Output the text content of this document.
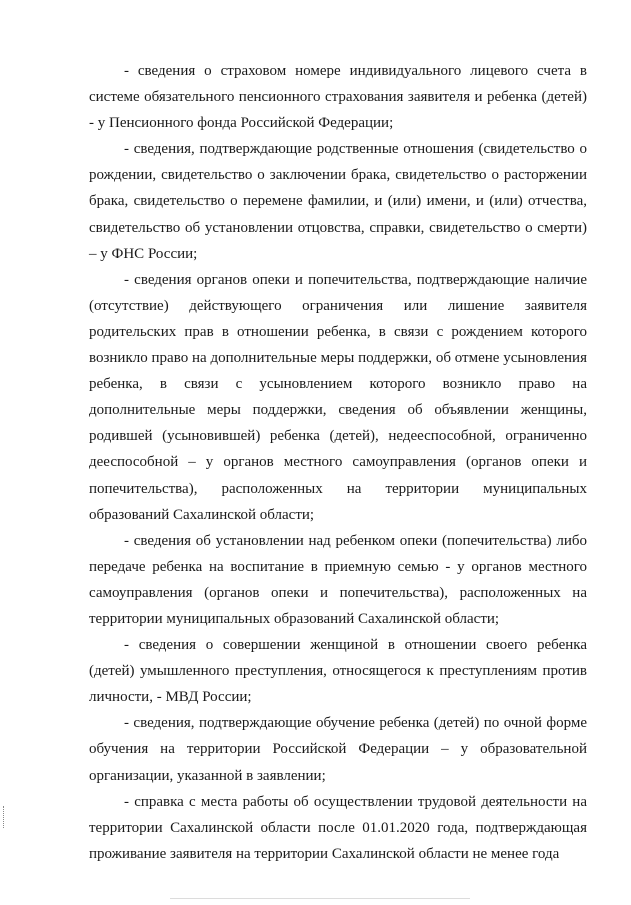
- сведения о страховом номере индивидуального лицевого счета в системе обязательного пенсионного страхования заявителя и ребенка (детей) - у Пенсионного фонда Российской Федерации;

- сведения, подтверждающие родственные отношения (свидетельство о рождении, свидетельство о заключении брака, свидетельство о расторжении брака, свидетельство о перемене фамилии, и (или) имени, и (или) отчества, свидетельство об установлении отцовства, справки, свидетельство о смерти) – у ФНС России;

- сведения органов опеки и попечительства, подтверждающие наличие (отсутствие) действующего ограничения или лишение заявителя родительских прав в отношении ребенка, в связи с рождением которого возникло право на дополнительные меры поддержки, об отмене усыновления ребенка, в связи с усыновлением которого возникло право на дополнительные меры поддержки, сведения об объявлении женщины, родившей (усыновившей) ребенка (детей), недееспособной, ограниченно дееспособной – у органов местного самоуправления (органов опеки и попечительства), расположенных на территории муниципальных образований Сахалинской области;

- сведения об установлении над ребенком опеки (попечительства) либо передаче ребенка на воспитание в приемную семью - у органов местного самоуправления (органов опеки и попечительства), расположенных на территории муниципальных образований Сахалинской области;

- сведения о совершении женщиной в отношении своего ребенка (детей) умышленного преступления, относящегося к преступлениям против личности, - МВД России;

- сведения, подтверждающие обучение ребенка (детей) по очной форме обучения на территории Российской Федерации – у образовательной организации, указанной в заявлении;

- справка с места работы об осуществлении трудовой деятельности на территории Сахалинской области после 01.01.2020 года, подтверждающая проживание заявителя на территории Сахалинской области не менее года
